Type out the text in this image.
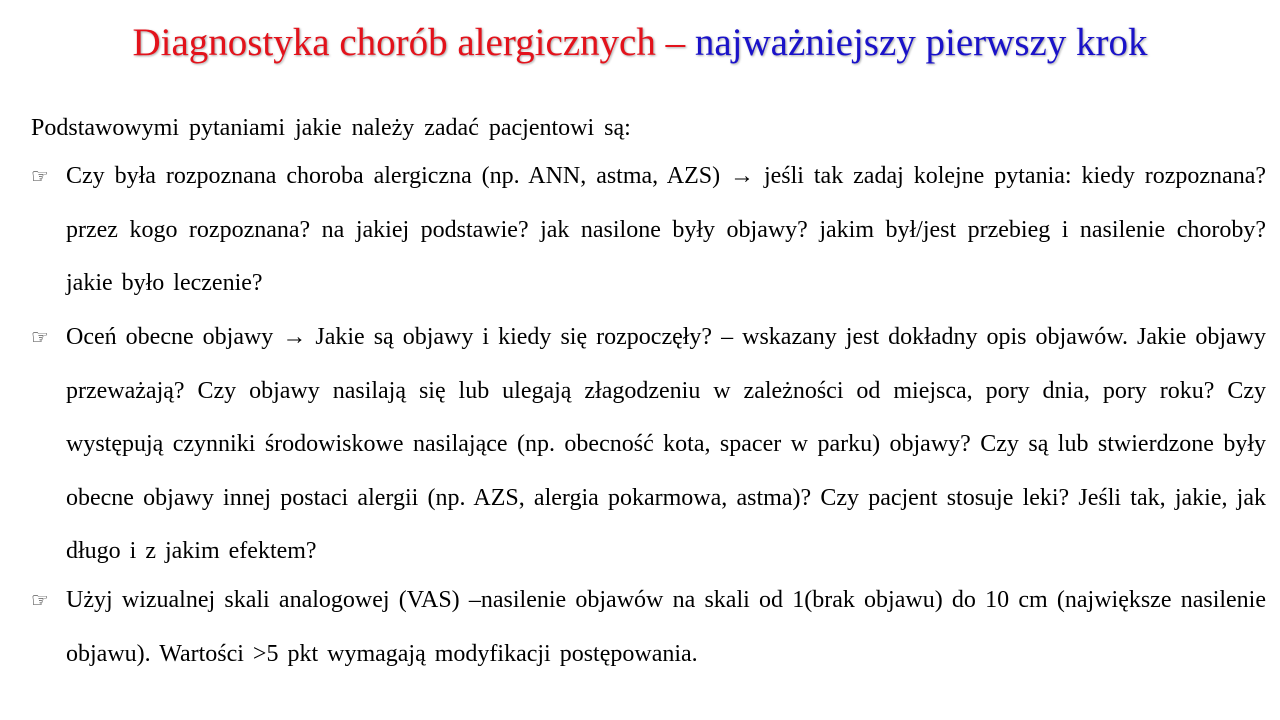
Diagnostyka chorób alergicznych – najważniejszy pierwszy krok
Podstawowymi pytaniami jakie należy zadać pacjentowi są:
☞ Czy była rozpoznana choroba alergiczna (np. ANN, astma, AZS) → jeśli tak zadaj kolejne pytania: kiedy rozpoznana? przez kogo rozpoznana? na jakiej podstawie? jak nasilone były objawy? jakim był/jest przebieg i nasilenie choroby? jakie było leczenie?
☞ Oceń obecne objawy → Jakie są objawy i kiedy się rozpoczęły? – wskazany jest dokładny opis objawów. Jakie objawy przeważają? Czy objawy nasilają się lub ulegają złagodzeniu w zależności od miejsca, pory dnia, pory roku? Czy występują czynniki środowiskowe nasilające (np. obecność kota, spacer w parku) objawy? Czy są lub stwierdzone były obecne objawy innej postaci alergii (np. AZS, alergia pokarmowa, astma)? Czy pacjent stosuje leki? Jeśli tak, jakie, jak długo i z jakim efektem?
☞ Użyj wizualnej skali analogowej (VAS) –nasilenie objawów na skali od 1(brak objawu) do 10 cm (największe nasilenie objawu). Wartości >5 pkt wymagają modyfikacji postępowania.
